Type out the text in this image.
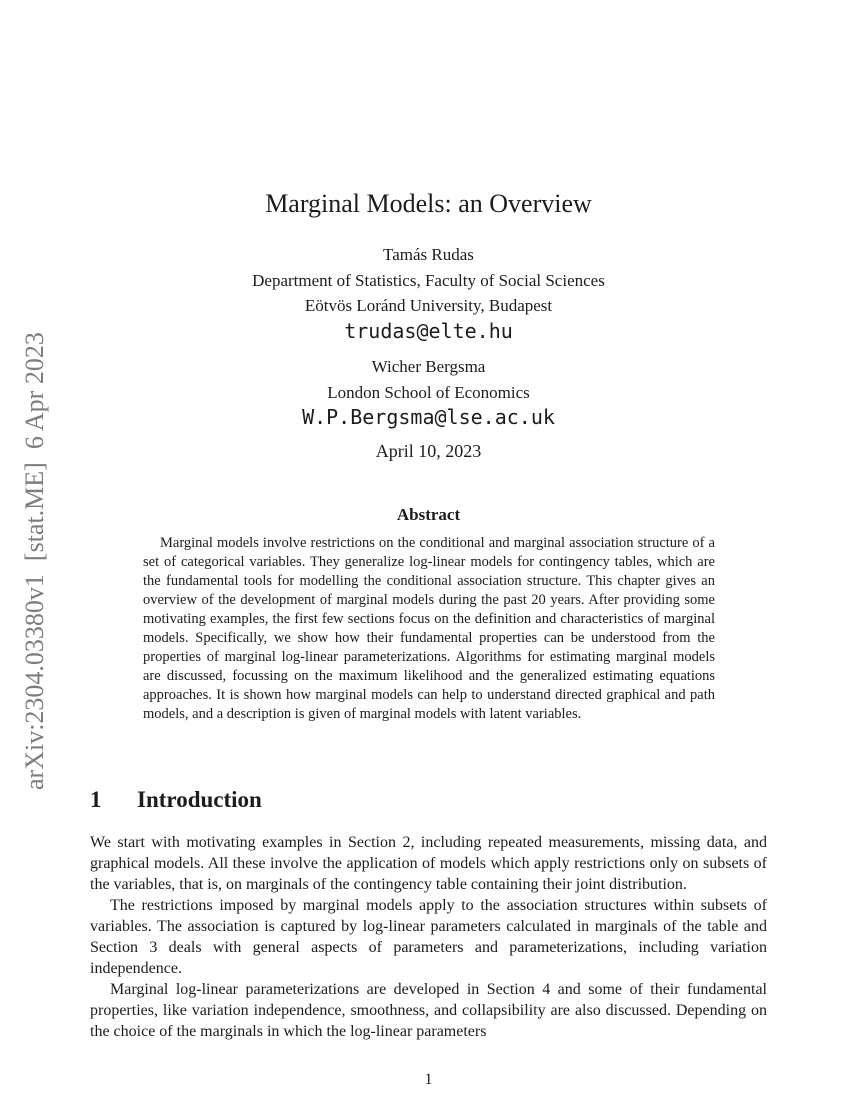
arXiv:2304.03380v1  [stat.ME]  6 Apr 2023
Marginal Models: an Overview
Tamás Rudas
Department of Statistics, Faculty of Social Sciences
Eötvös Loránd University, Budapest
trudas@elte.hu
Wicher Bergsma
London School of Economics
W.P.Bergsma@lse.ac.uk
April 10, 2023
Abstract
Marginal models involve restrictions on the conditional and marginal association structure of a set of categorical variables. They generalize log-linear models for contingency tables, which are the fundamental tools for modelling the conditional association structure. This chapter gives an overview of the development of marginal models during the past 20 years. After providing some motivating examples, the first few sections focus on the definition and characteristics of marginal models. Specifically, we show how their fundamental properties can be understood from the properties of marginal log-linear parameterizations. Algorithms for estimating marginal models are discussed, focussing on the maximum likelihood and the generalized estimating equations approaches. It is shown how marginal models can help to understand directed graphical and path models, and a description is given of marginal models with latent variables.
1 Introduction
We start with motivating examples in Section 2, including repeated measurements, missing data, and graphical models. All these involve the application of models which apply restrictions only on subsets of the variables, that is, on marginals of the contingency table containing their joint distribution.
The restrictions imposed by marginal models apply to the association structures within subsets of variables. The association is captured by log-linear parameters calculated in marginals of the table and Section 3 deals with general aspects of parameters and parameterizations, including variation independence.
Marginal log-linear parameterizations are developed in Section 4 and some of their fundamental properties, like variation independence, smoothness, and collapsibility are also discussed. Depending on the choice of the marginals in which the log-linear parameters
1
